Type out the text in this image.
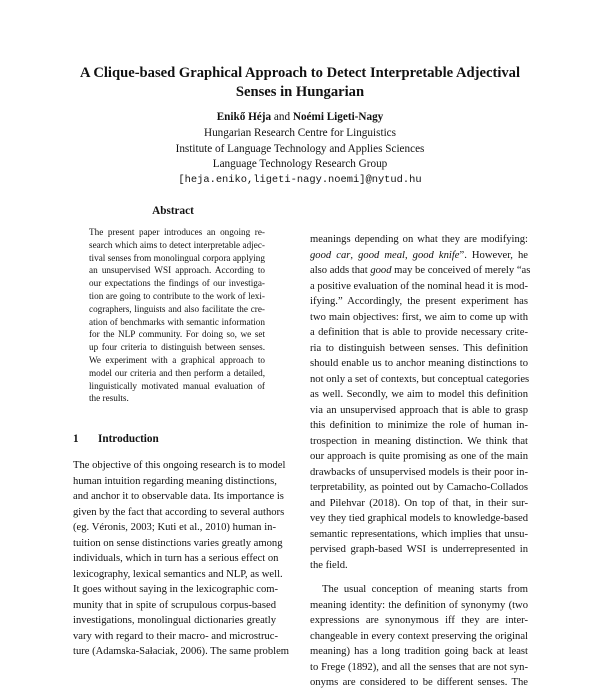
A Clique-based Graphical Approach to Detect Interpretable Adjectival
Senses in Hungarian
Enikő Héja and Noémi Ligeti-Nagy
Hungarian Research Centre for Linguistics
Institute of Language Technology and Applies Sciences
Language Technology Research Group
[heja.eniko,ligeti-nagy.noemi]@nytud.hu
Abstract
The present paper introduces an ongoing re-
search which aims to detect interpretable adjec-
tival senses from monolingual corpora applying
an unsupervised WSI approach. According to
our expectations the findings of our investiga-
tion are going to contribute to the work of lexi-
cographers, linguists and also facilitate the cre-
ation of benchmarks with semantic information
for the NLP community. For doing so, we set
up four criteria to distinguish between senses.
We experiment with a graphical approach to
model our criteria and then perform a detailed,
linguistically motivated manual evaluation of
the results.
1 Introduction
The objective of this ongoing research is to model
human intuition regarding meaning distinctions,
and anchor it to observable data. Its importance is
given by the fact that according to several authors
(eg. Véronis, 2003; Kuti et al., 2010) human in-
tuition on sense distinctions varies greatly among
individuals, which in turn has a serious effect on
lexicography, lexical semantics and NLP, as well.
It goes without saying in the lexicographic com-
munity that in spite of scrupulous corpus-based
investigations, monolingual dictionaries greatly
vary with regard to their macro- and microstruc-
ture (Adamska-Sałaciak, 2006). The same problem
meanings depending on what they are modifying:
good car, good meal, good knife”. However, he
also adds that good may be conceived of merely “as
a positive evaluation of the nominal head it is mod-
ifying.” Accordingly, the present experiment has
two main objectives: first, we aim to come up with
a definition that is able to provide necessary crite-
ria to distinguish between senses. This definition
should enable us to anchor meaning distinctions to
not only a set of contexts, but conceptual categories
as well. Secondly, we aim to model this definition
via an unsupervised approach that is able to grasp
this definition to minimize the role of human in-
trospection in meaning distinction. We think that
our approach is quite promising as one of the main
drawbacks of unsupervised models is their poor in-
terpretability, as pointed out by Camacho-Collados
and Pilehvar (2018). On top of that, in their sur-
vey they tied graphical models to knowledge-based
semantic representations, which implies that unsu-
pervised graph-based WSI is underrepresented in
the field.
The usual conception of meaning starts from
meaning identity: the definition of synonymy (two
expressions are synonymous iff they are inter-
changeable in every context preserving the original
meaning) has a long tradition going back at least
to Frege (1892), and all the senses that are not syn-
onyms are considered to be different senses. The
